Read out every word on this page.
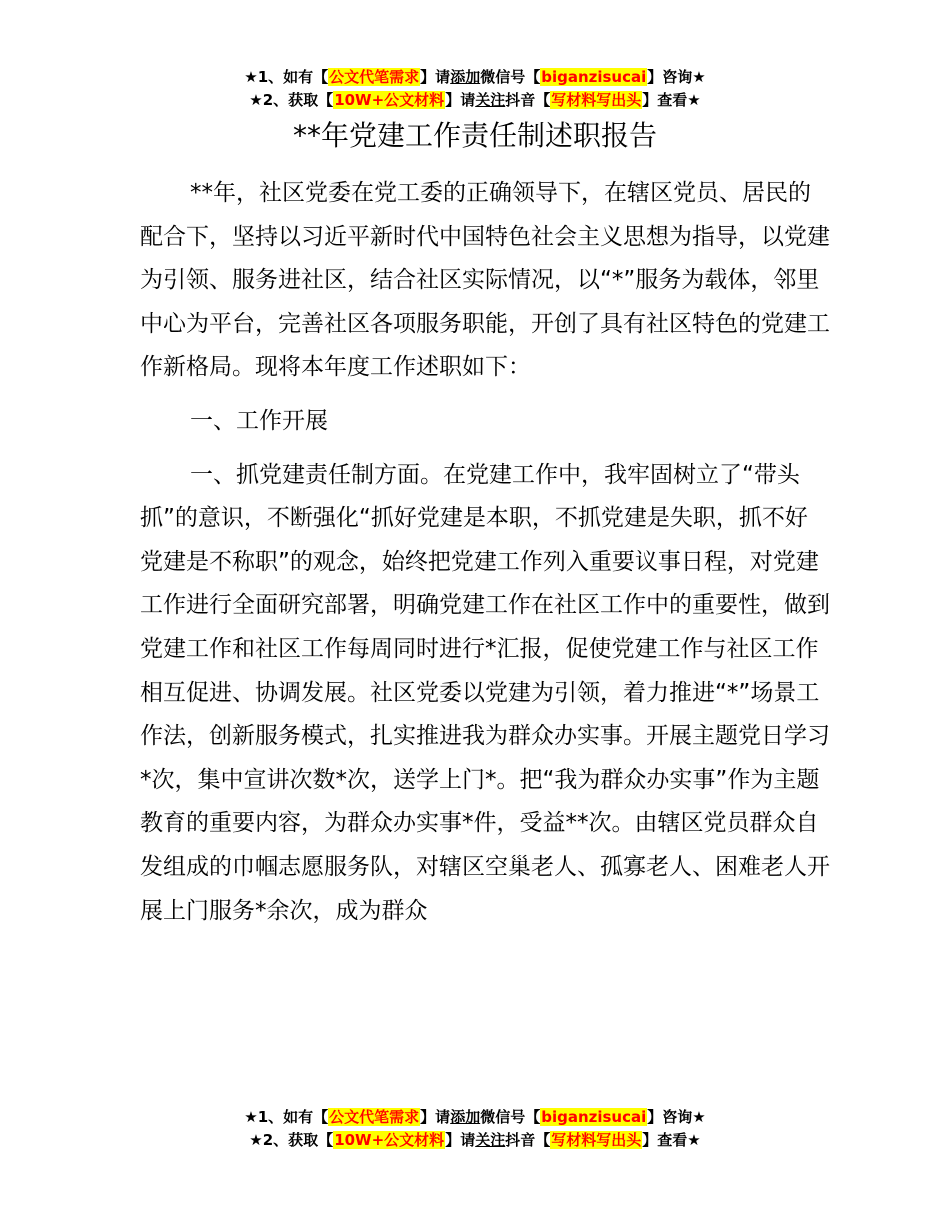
★1、如有【公文代笔需求】请添加微信号【biganzisucai】咨询★
★2、获取【10W+公文材料】请关注抖音【写材料写出头】查看★
**年党建工作责任制述职报告

**年，社区党委在党工委的正确领导下，在辖区党员、居民的配合下，坚持以习近平新时代中国特色社会主义思想为指导，以党建为引领、服务进社区，结合社区实际情况，以“*”服务为载体，邻里中心为平台，完善社区各项服务职能，开创了具有社区特色的党建工作新格局。现将本年度工作述职如下：

一、工作开展

一、抓党建责任制方面。在党建工作中，我牢固树立了“带头抓”的意识，不断强化“抓好党建是本职，不抓党建是失职，抓不好党建是不称职”的观念，始终把党建工作列入重要议事日程，对党建工作进行全面研究部署，明确党建工作在社区工作中的重要性，做到党建工作和社区工作每周同时进行*汇报，促使党建工作与社区工作相互促进、协调发展。社区党委以党建为引领，着力推进“*”场景工作法，创新服务模式，扎实推进我为群众办实事。开展主题党日学习*次，集中宣讲次数*次，送学上门*。把“我为群众办实事”作为主题教育的重要内容，为群众办实事*件，受益**次。由辖区党员群众自发组成的巾帼志愿服务队，对辖区空巢老人、孤寡老人、困难老人开展上门服务*余次，成为群众

★1、如有【公文代笔需求】请添加微信号【biganzisucai】咨询★
★2、获取【10W+公文材料】请关注抖音【写材料写出头】查看★
